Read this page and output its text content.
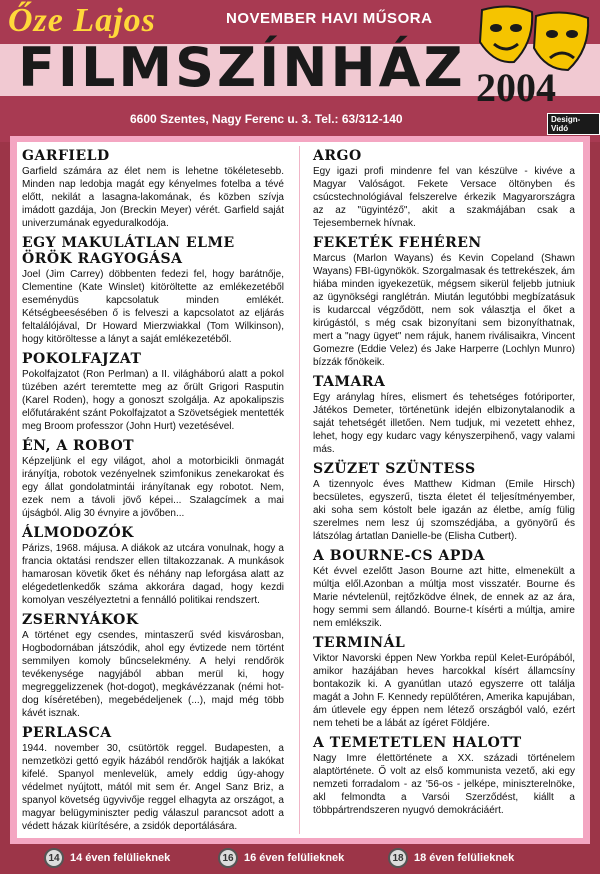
Őze Lajos	NOVEMBER HAVI MŰSORA
FILMSZÍNHÁZ 2004
6600 Szentes, Nagy Ferenc u. 3. Tel.: 63/312-140	Design-Vidó
GARFIELD

Garfield számára az élet nem is lehetne tökéletesebb. Minden nap ledobja magát egy kényelmes fotelba a tévé előtt, nekilát a lasagna-lakomának, és közben szívja imádott gazdája, Jon (Breckin Meyer) vérét. Garfield saját univerzumának egyeduralkodója.

EGY MAKULÁTLAN ELME ÖRÖK RAGYOGÁSA

Joel (Jim Carrey) döbbenten fedezi fel, hogy barátnője, Clementine (Kate Winslet) kitöröltette az emlékezetéből eseménydüs kapcsolatuk minden emlékét. Kétségbeesésében ő is felveszi a kapcsolatot az eljárás feltalálójával, Dr Howard Mierzwiakkal (Tom Wilkinson), hogy kitöröltesse a lányt a saját emlékezetéből.

POKOLFAJZAT

Pokolfajzatot (Ron Perlman) a II. világháború alatt a pokol tüzében azért teremtette meg az őrült Grigori Rasputin (Karel Roden), hogy a gonoszt szolgálja. Az apokalipszis előfutáraként szánt Pokolfajzatot a Szövetségiek mentették meg Broom professzor (John Hurt) vezetésével.

ÉN, A ROBOT

Képzeljünk el egy világot, ahol a motorbicikli önmagát irányítja, robotok vezényelnek szimfonikus zenekarokat és egy állat gondolatmintái irányítanak egy robotot. Nem, ezek nem a távoli jövő képei... Szalagcímek a mai újságból. Alig 30 évnyire a jövőben...

ÁLMODOZÓK

Párizs, 1968. májusa. A diákok az utcára vonulnak, hogy a francia oktatási rendszer ellen tiltakozzanak. A munkások hamarosan követik őket és néhány nap leforgása alatt az elégedetlenkedők száma akkorára dagad, hogy kezdi komolyan veszélyeztetni a fennálló politikai rendszert.

ZSERNYÁKOK

A történet egy csendes, mintaszerű svéd kisvárosban, Hogbodornában játszódik, ahol egy évtizede nem történt semmilyen komoly bűncselekmény. A helyi rendőrök tevékenysége nagyjából abban merül ki, hogy megreggelizzenek (hot-dogot), megkávézzanak (némi hot-dog kíséretében), megebédeljenek (...), majd még több kávét isznak.

PERLASCA

1944. november 30, csütörtök reggel. Budapesten, a nemzetközi gettó egyik házából rendőrök hajtják a lakókat kifelé. Spanyol menlevelük, amely eddig úgy-ahogy védelmet nyújtott, mától mit sem ér. Angel Sanz Briz, a spanyol követség ügyvivője reggel elhagyta az országot, a magyar belügyminiszter pedig válaszul parancsot adott a védett házak kiürítésére, a zsidók deportálására.

ARGO

Egy igazi profi mindenre fel van készülve - kivéve a Magyar Valóságot. Fekete Versace öltönyben és csúcstechnológiával felszerelve érkezik Magyarországra az az "ügyintéző", akit a szakmájában csak a Tejesembernek hívnak.

FEKETÉK FEHÉREN

Marcus (Marlon Wayans) és Kevin Copeland (Shawn Wayans) FBI-ügynökök. Szorgalmasak és tettrekészek, ám hiába minden igyekezetük, mégsem sikerül feljebb jutniuk az ügynökségi ranglétrán. Miután legutóbbi megbízatásuk is kudarccal végződött, nem sok választja el őket a kirúgástól, s még csak bizonyítani sem bizonyíthatnak, mert a "nagy ügyet" nem rájuk, hanem riválisaikra, Vincent Gomezre (Eddie Velez) és Jake Harperre (Lochlyn Munro) bízzák főnökeik.

TAMARA

Egy aránylag híres, elismert és tehetséges fotóriporter, Játékos Demeter, történetünk idején elbizonytalanodik a saját tehetségét illetően. Nem tudjuk, mi vezetett ehhez, lehet, hogy egy kudarc vagy kényszerpihenő, vagy valami más.

SZÜZET SZÜNTESS

A tizennyolc éves Matthew Kidman (Emile Hirsch) becsületes, egyszerű, tiszta életet él teljesítményember, aki soha sem kóstolt bele igazán az életbe, amíg fülig szerelmes nem lesz új szomszédjába, a gyönyörű és látszólag ártatlan Danielle-be (Elisha Cutbert).

A BOURNE-CS APDA

Két évvel ezelőtt Jason Bourne azt hitte, elmenekült a múltja elől.Azonban a múltja most visszatér. Bourne és Marie névtelenül, rejtőzködve élnek, de ennek az az ára, hogy semmi sem állandó. Bourne-t kísérti a múltja, amire nem emlékszik.

TERMINÁL

Viktor Navorski éppen New Yorkba repül Kelet-Európából, amikor hazájában heves harcokkal kísért államcsíny bontakozik ki. A gyanútlan utazó egyszerre ott találja magát a John F. Kennedy repülőtéren, Amerika kapujában, ám útlevele egy éppen nem létező országból való, ezért nem teheti be a lábát az ígéret Földjére.

A TEMETETLEN HALOTT

Nagy Imre élettörténete a XX. századi történelem alaptörténete. Ő volt az első kommunista vezető, aki egy nemzeti forradalom - az '56-os - jelképe, miniszterelnöke, akl felmondta a Varsói Szerződést, kiállt a többpártrendszeren nyugvó demokráciáért.

14 14 éven felülieknek	16 16 éven felülieknek	18 18 éven felülieknek
